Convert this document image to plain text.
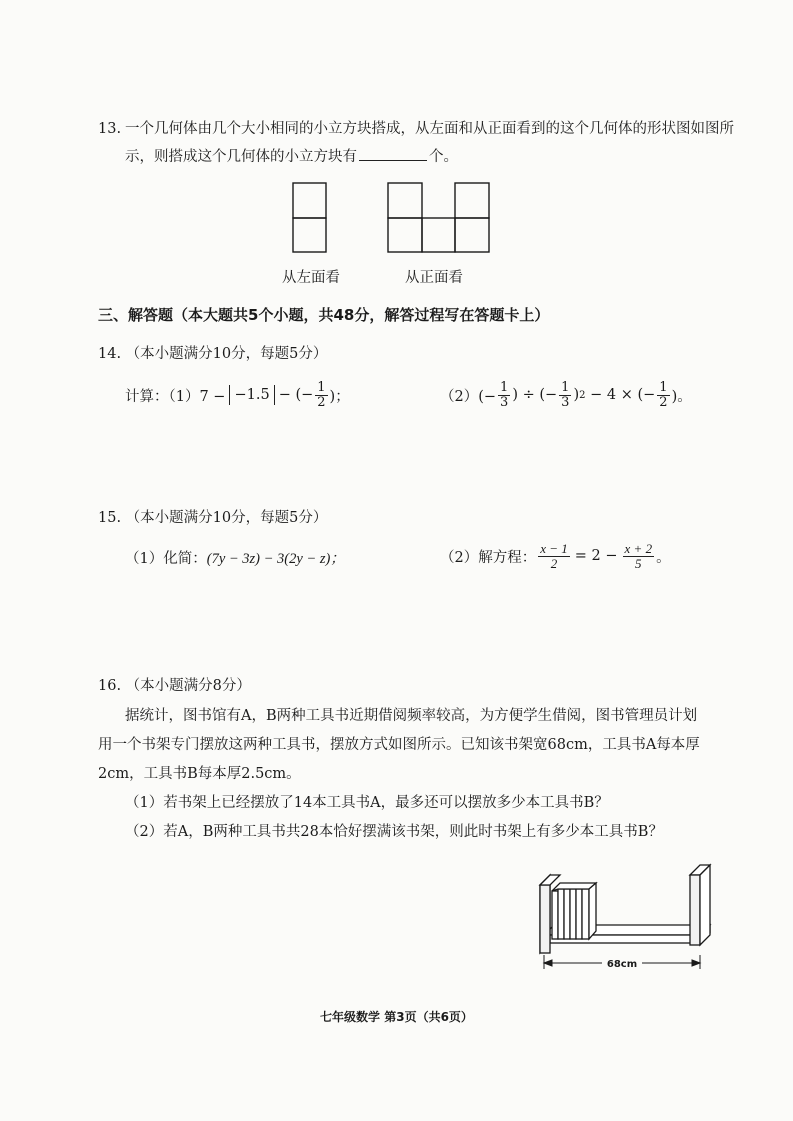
13. 一个几何体由几个大小相同的小立方块搭成，从左面和从正面看到的这个几何体的形状图如图所
示，则搭成这个几何体的小立方块有	个。
从左面看	从正面看
三、解答题（本大题共5个小题，共48分，解答过程写在答题卡上）
14. （本小题满分10分，每题5分）
计算：（1）7 − −1.5 − (− $\frac{1}{2}$ )；	$(2)(- \frac{1}{3}$ ) ÷ (− $\frac{1}{3}$ ) 2 − 4 × (− $\frac{1}{2}$ )。
15. （本小题满分10分，每题5分）
（1）化简： (7y − 3z) − 3(2y − z)；	（2）解方程： $\frac{x - 1}{2} = 2 - \frac{x + 2}{5}$ 。
16. （本小题满分8分）
据统计，图书馆有A，B两种工具书近期借阅频率较高，为方便学生借阅，图书管理员计划
用一个书架专门摆放这两种工具书，摆放方式如图所示。已知该书架宽68cm，工具书A每本厚
2cm，工具书B每本厚2.5cm。
（1）若书架上已经摆放了14本工具书A，最多还可以摆放多少本工具书B？
（2）若A，B两种工具书共28本恰好摆满该书架，则此时书架上有多少本工具书B？
68cm
七年级数学 第3页（共6页）
